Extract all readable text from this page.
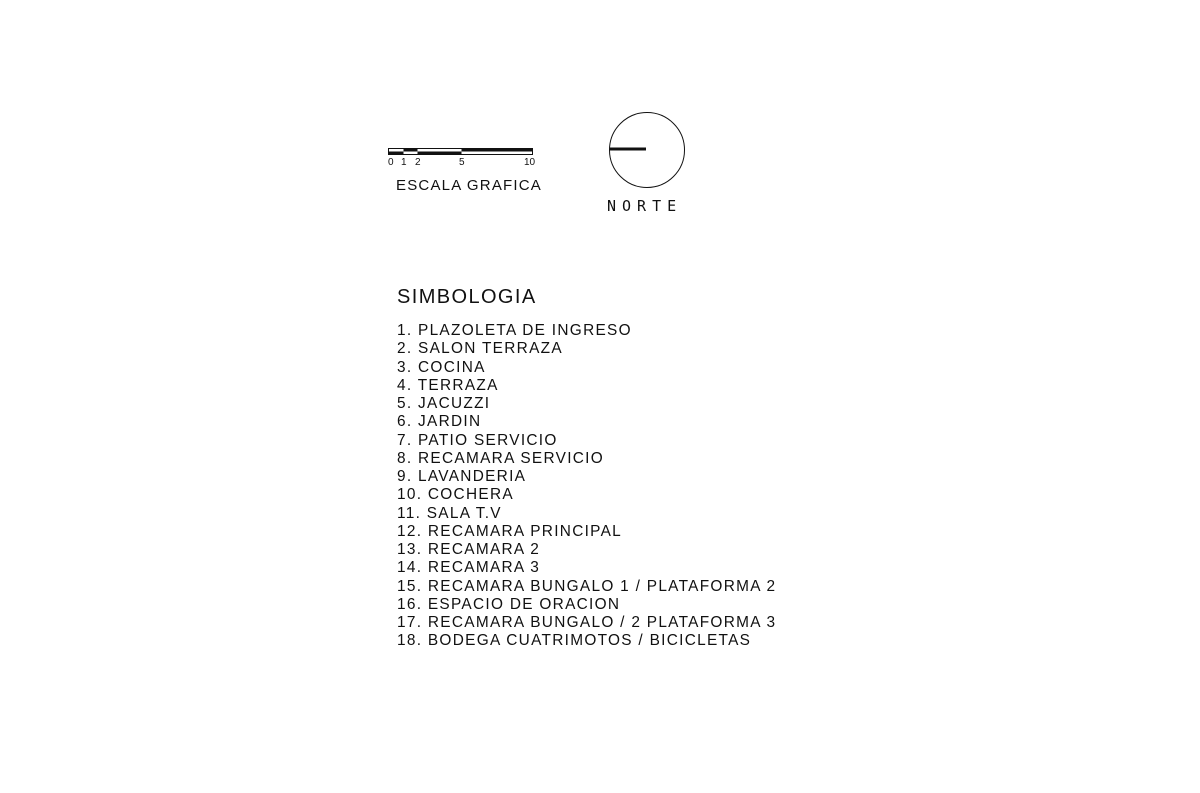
0 1 2	5	10
ESCALA GRAFICA
NORTE
SIMBOLOGIA
1. PLAZOLETA DE INGRESO
2. SALON TERRAZA
3. COCINA
4. TERRAZA
5. JACUZZI
6. JARDIN
7. PATIO SERVICIO
8. RECAMARA SERVICIO
9. LAVANDERIA
10. COCHERA
11. SALA T.V
12. RECAMARA PRINCIPAL
13. RECAMARA 2
14. RECAMARA 3
15. RECAMARA BUNGALO 1 / PLATAFORMA 2
16. ESPACIO DE ORACION
17. RECAMARA BUNGALO / 2 PLATAFORMA 3
18. BODEGA CUATRIMOTOS / BICICLETAS
